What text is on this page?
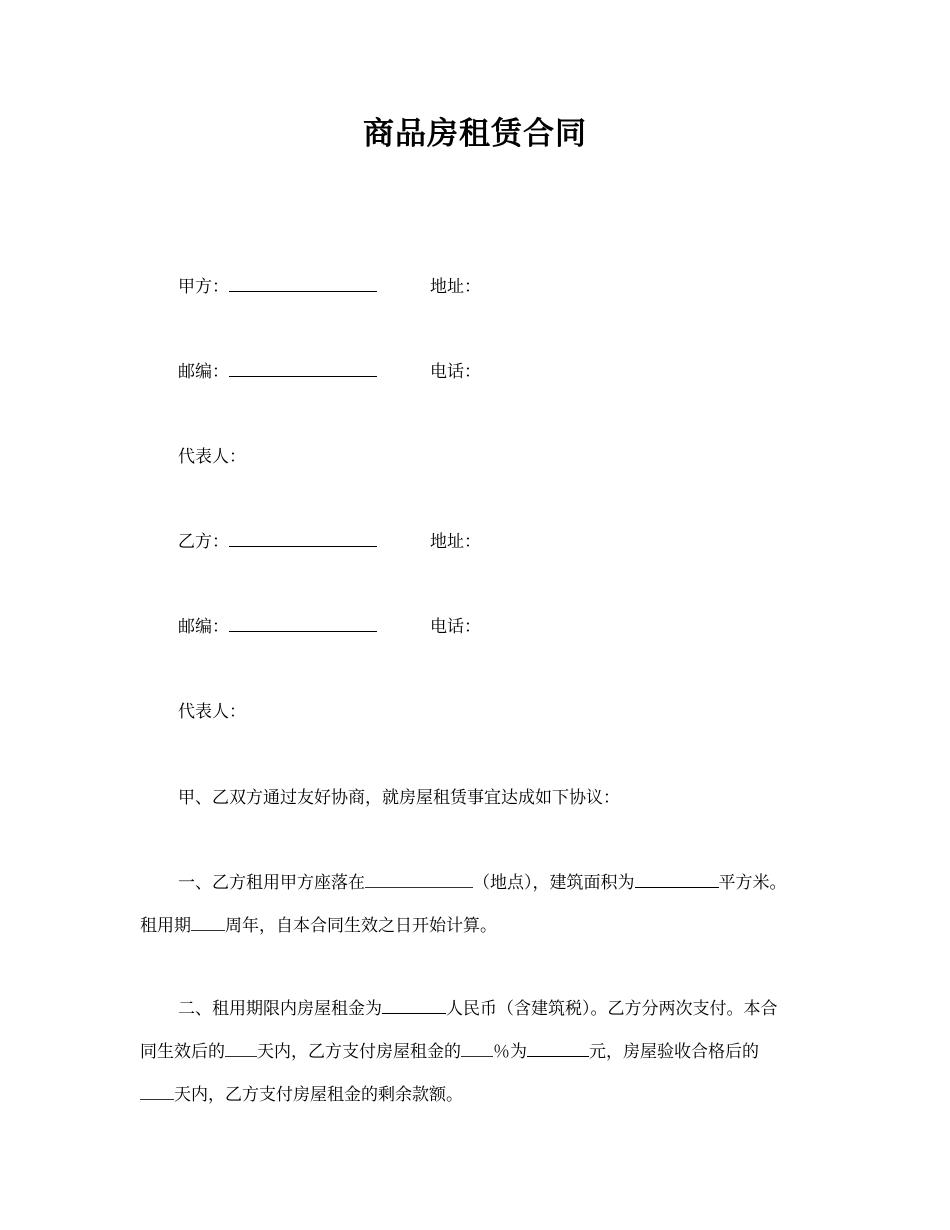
商品房租赁合同
甲方：	地址：
邮编：	电话：
代表人：
乙方：	地址：
邮编：	电话：
代表人：
甲、乙双方通过友好协商，就房屋租赁事宜达成如下协议：
一、乙方租用甲方座落在	（地点），建筑面积为	平方米。
租用期 周年，自本合同生效之日开始计算。
二、租用期限内房屋租金为	人民币（含建筑税）。乙方分两次支付。本合
同生效后的 天内，乙方支付房屋租金的 ％为	元，房屋验收合格后的
天内，乙方支付房屋租金的剩余款额。
